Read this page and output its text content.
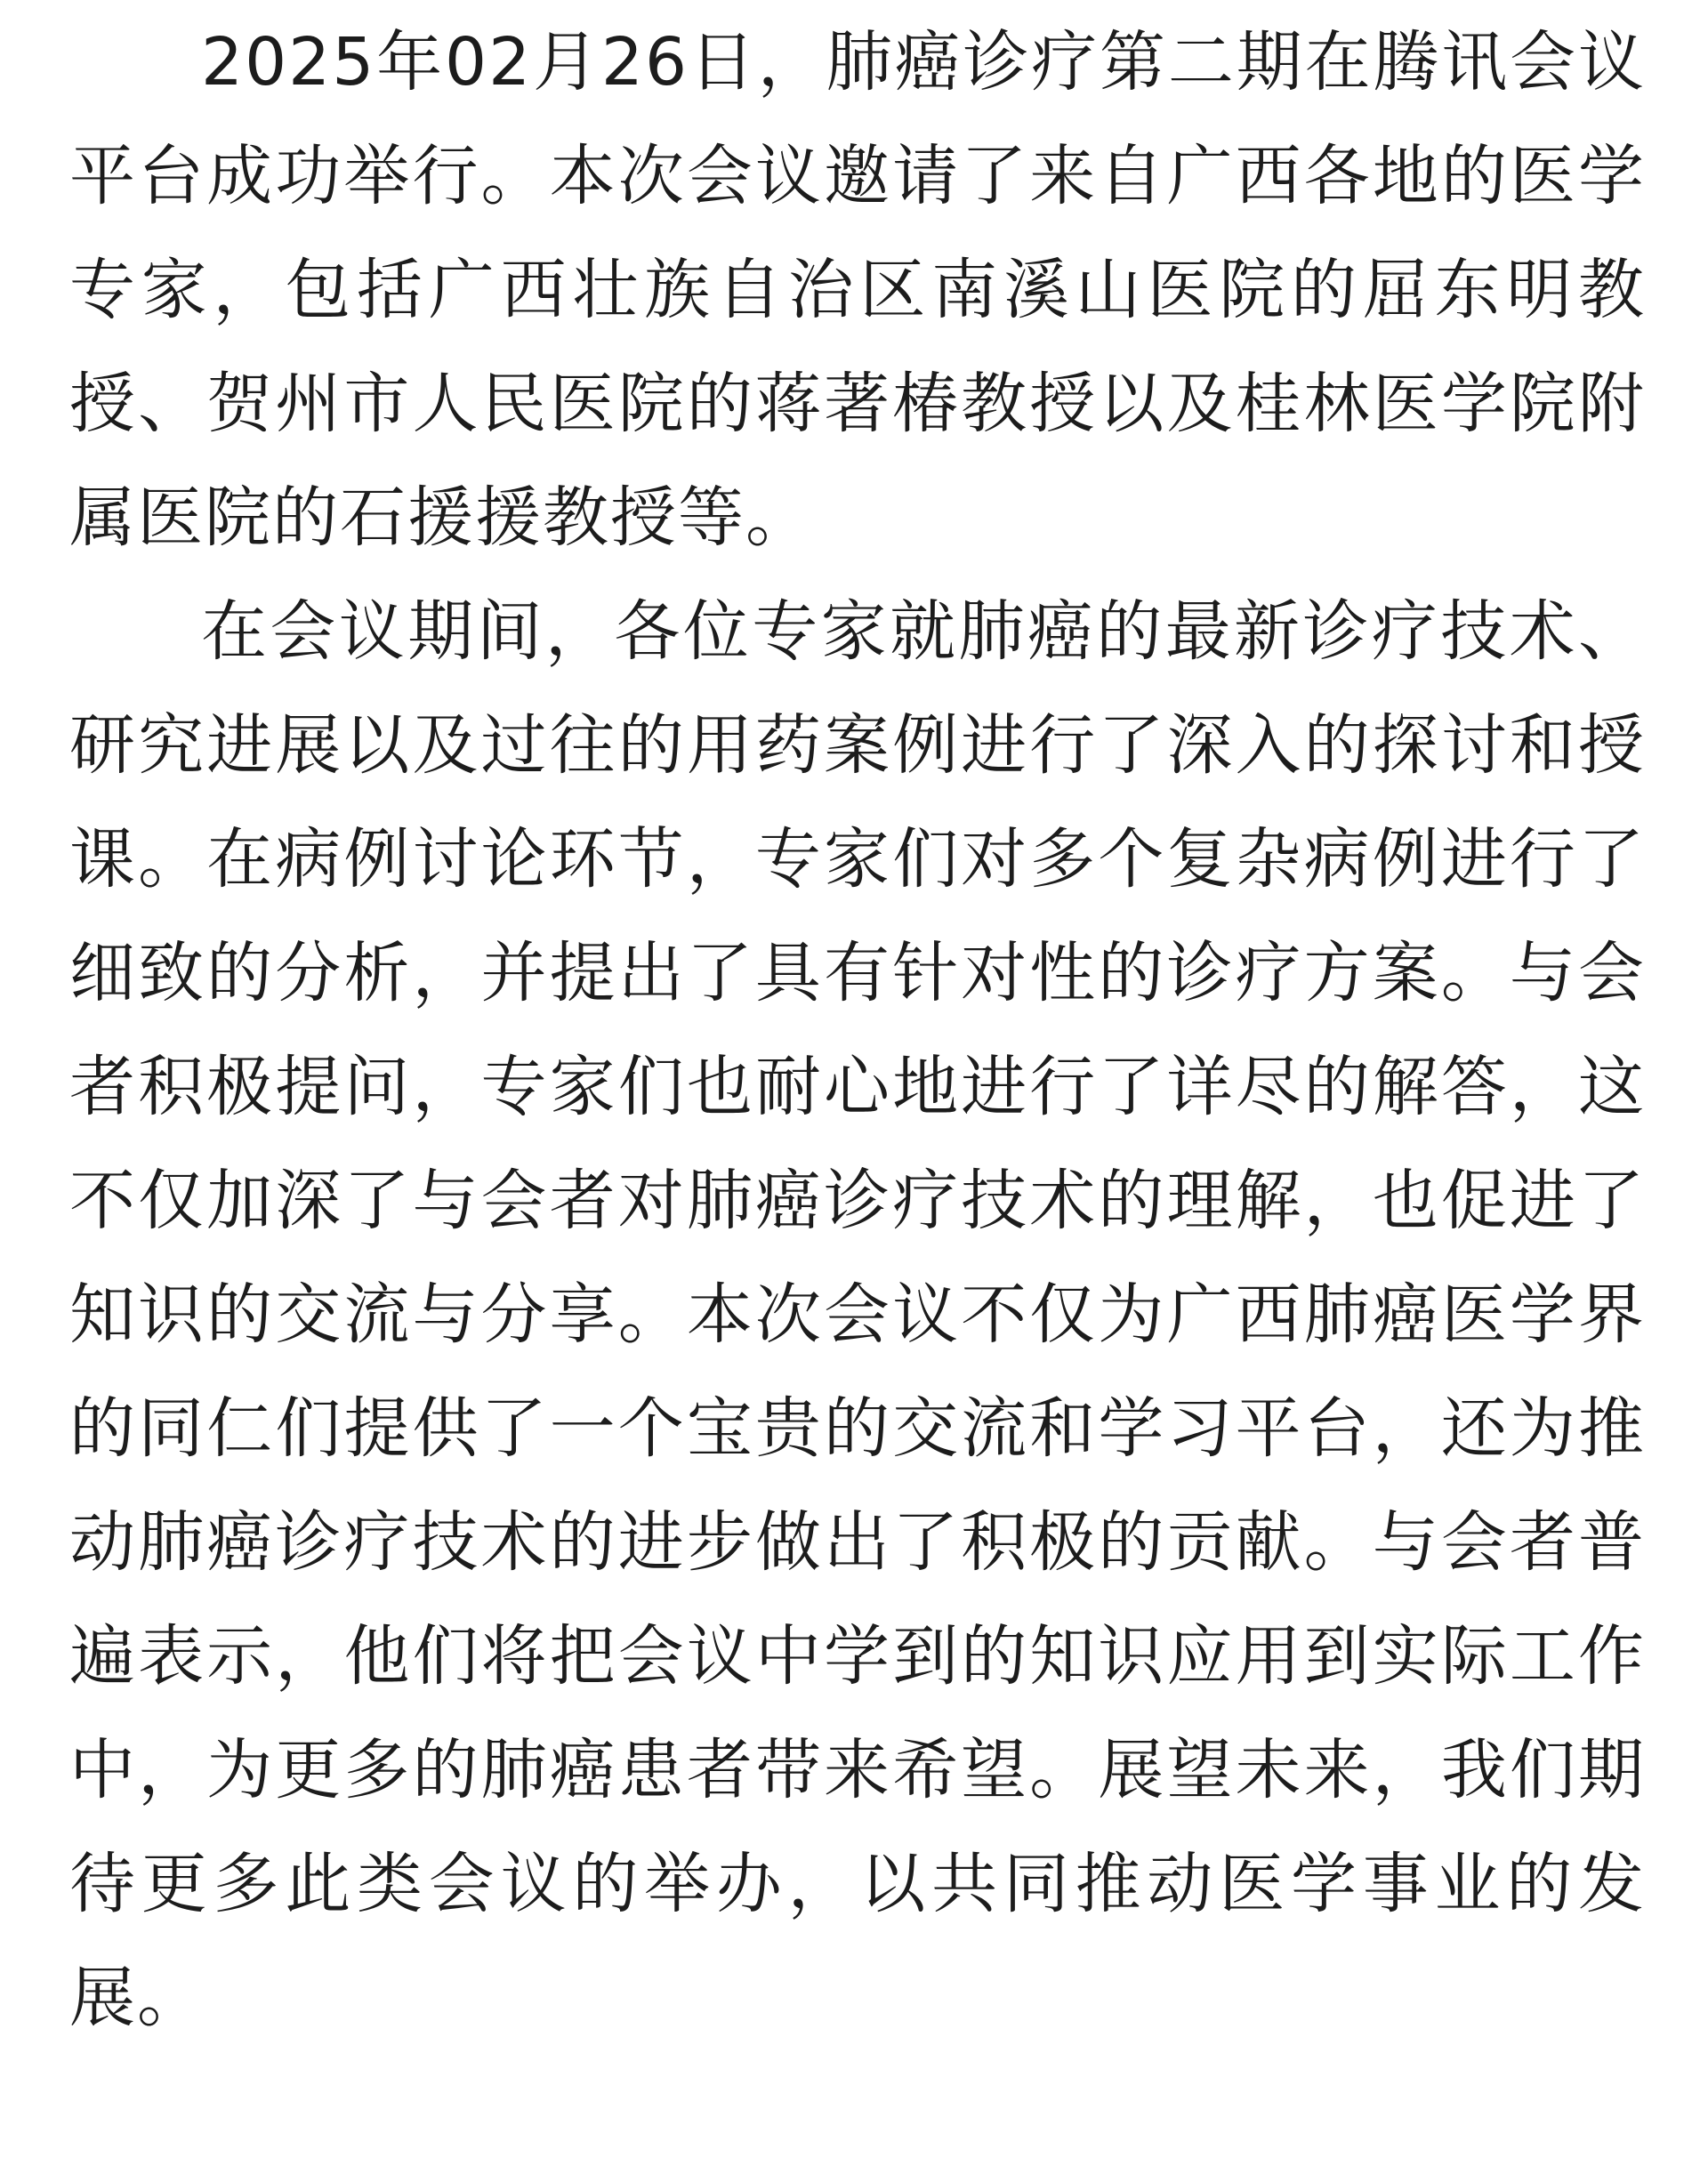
2025年02月26日，肺癌诊疗第二期在腾讯会议平台成功举行。本次会议邀请了来自广西各地的医学专家，包括广西壮族自治区南溪山医院的屈东明教授、贺州市人民医院的蒋著椿教授以及桂林医学院附属医院的石援援教授等。

在会议期间，各位专家就肺癌的最新诊疗技术、研究进展以及过往的用药案例进行了深入的探讨和授课。在病例讨论环节，专家们对多个复杂病例进行了细致的分析，并提出了具有针对性的诊疗方案。与会者积极提问，专家们也耐心地进行了详尽的解答，这不仅加深了与会者对肺癌诊疗技术的理解，也促进了知识的交流与分享。本次会议不仅为广西肺癌医学界的同仁们提供了一个宝贵的交流和学习平台，还为推动肺癌诊疗技术的进步做出了积极的贡献。与会者普遍表示，他们将把会议中学到的知识应用到实际工作中，为更多的肺癌患者带来希望。展望未来，我们期待更多此类会议的举办，以共同推动医学事业的发展。
